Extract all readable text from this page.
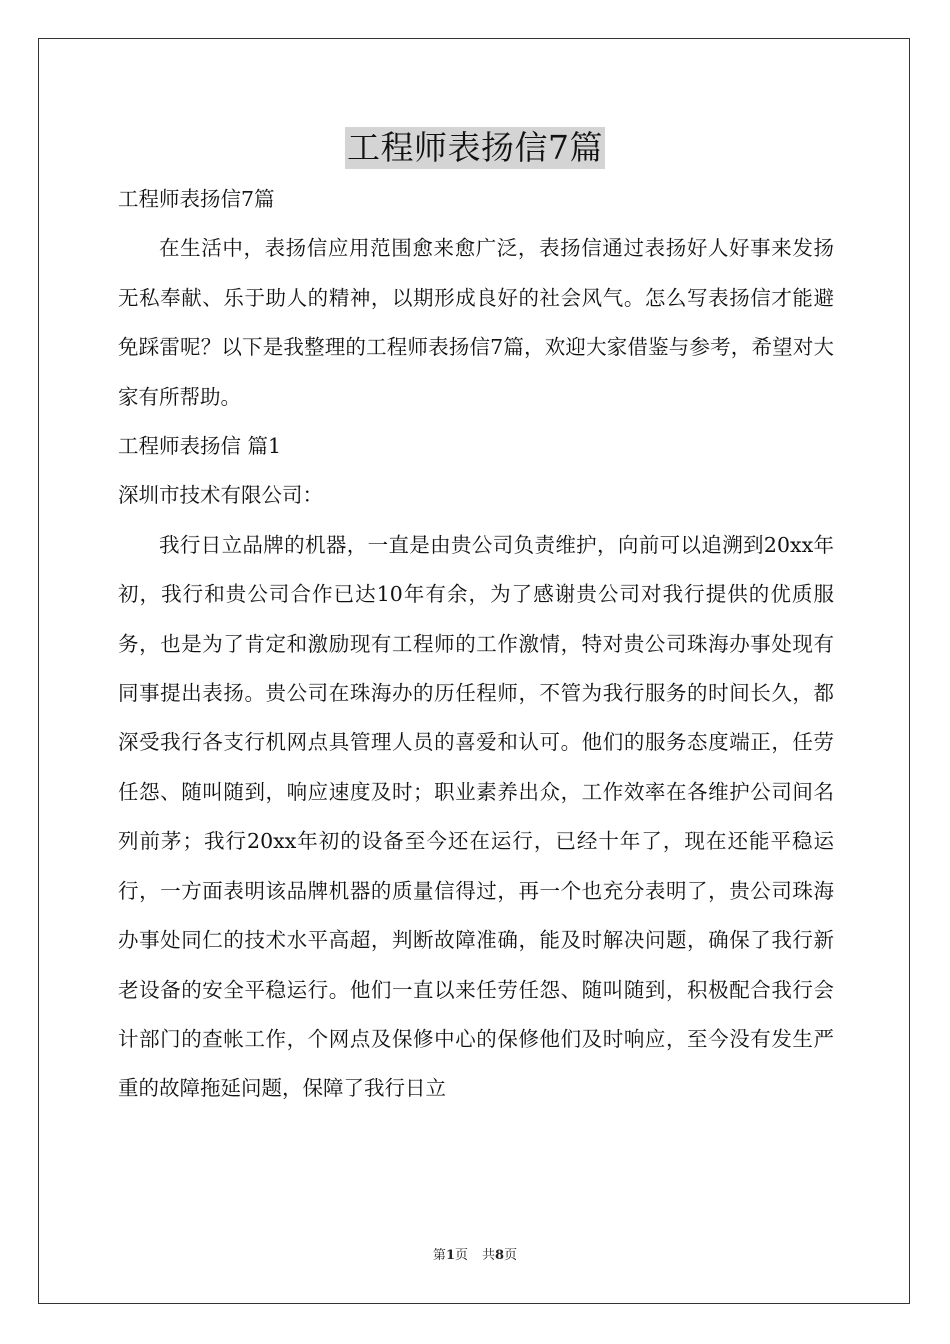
工程师表扬信7篇

工程师表扬信7篇

在生活中，表扬信应用范围愈来愈广泛，表扬信通过表扬好人好事来发扬无私奉献、乐于助人的精神，以期形成良好的社会风气。怎么写表扬信才能避免踩雷呢？以下是我整理的工程师表扬信7篇，欢迎大家借鉴与参考，希望对大家有所帮助。

工程师表扬信 篇1

深圳市技术有限公司：

我行日立品牌的机器，一直是由贵公司负责维护，向前可以追溯到20xx年初，我行和贵公司合作已达10年有余，为了感谢贵公司对我行提供的优质服务，也是为了肯定和激励现有工程师的工作激情，特对贵公司珠海办事处现有同事提出表扬。贵公司在珠海办的历任程师，不管为我行服务的时间长久，都深受我行各支行机网点具管理人员的喜爱和认可。他们的服务态度端正，任劳任怨、随叫随到，响应速度及时；职业素养出众，工作效率在各维护公司间名列前茅；我行20xx年初的设备至今还在运行，已经十年了，现在还能平稳运行，一方面表明该品牌机器的质量信得过，再一个也充分表明了，贵公司珠海办事处同仁的技术水平高超，判断故障准确，能及时解决问题，确保了我行新老设备的安全平稳运行。他们一直以来任劳任怨、随叫随到，积极配合我行会计部门的查帐工作，个网点及保修中心的保修他们及时响应，至今没有发生严重的故障拖延问题，保障了我行日立

第1页 共8页
